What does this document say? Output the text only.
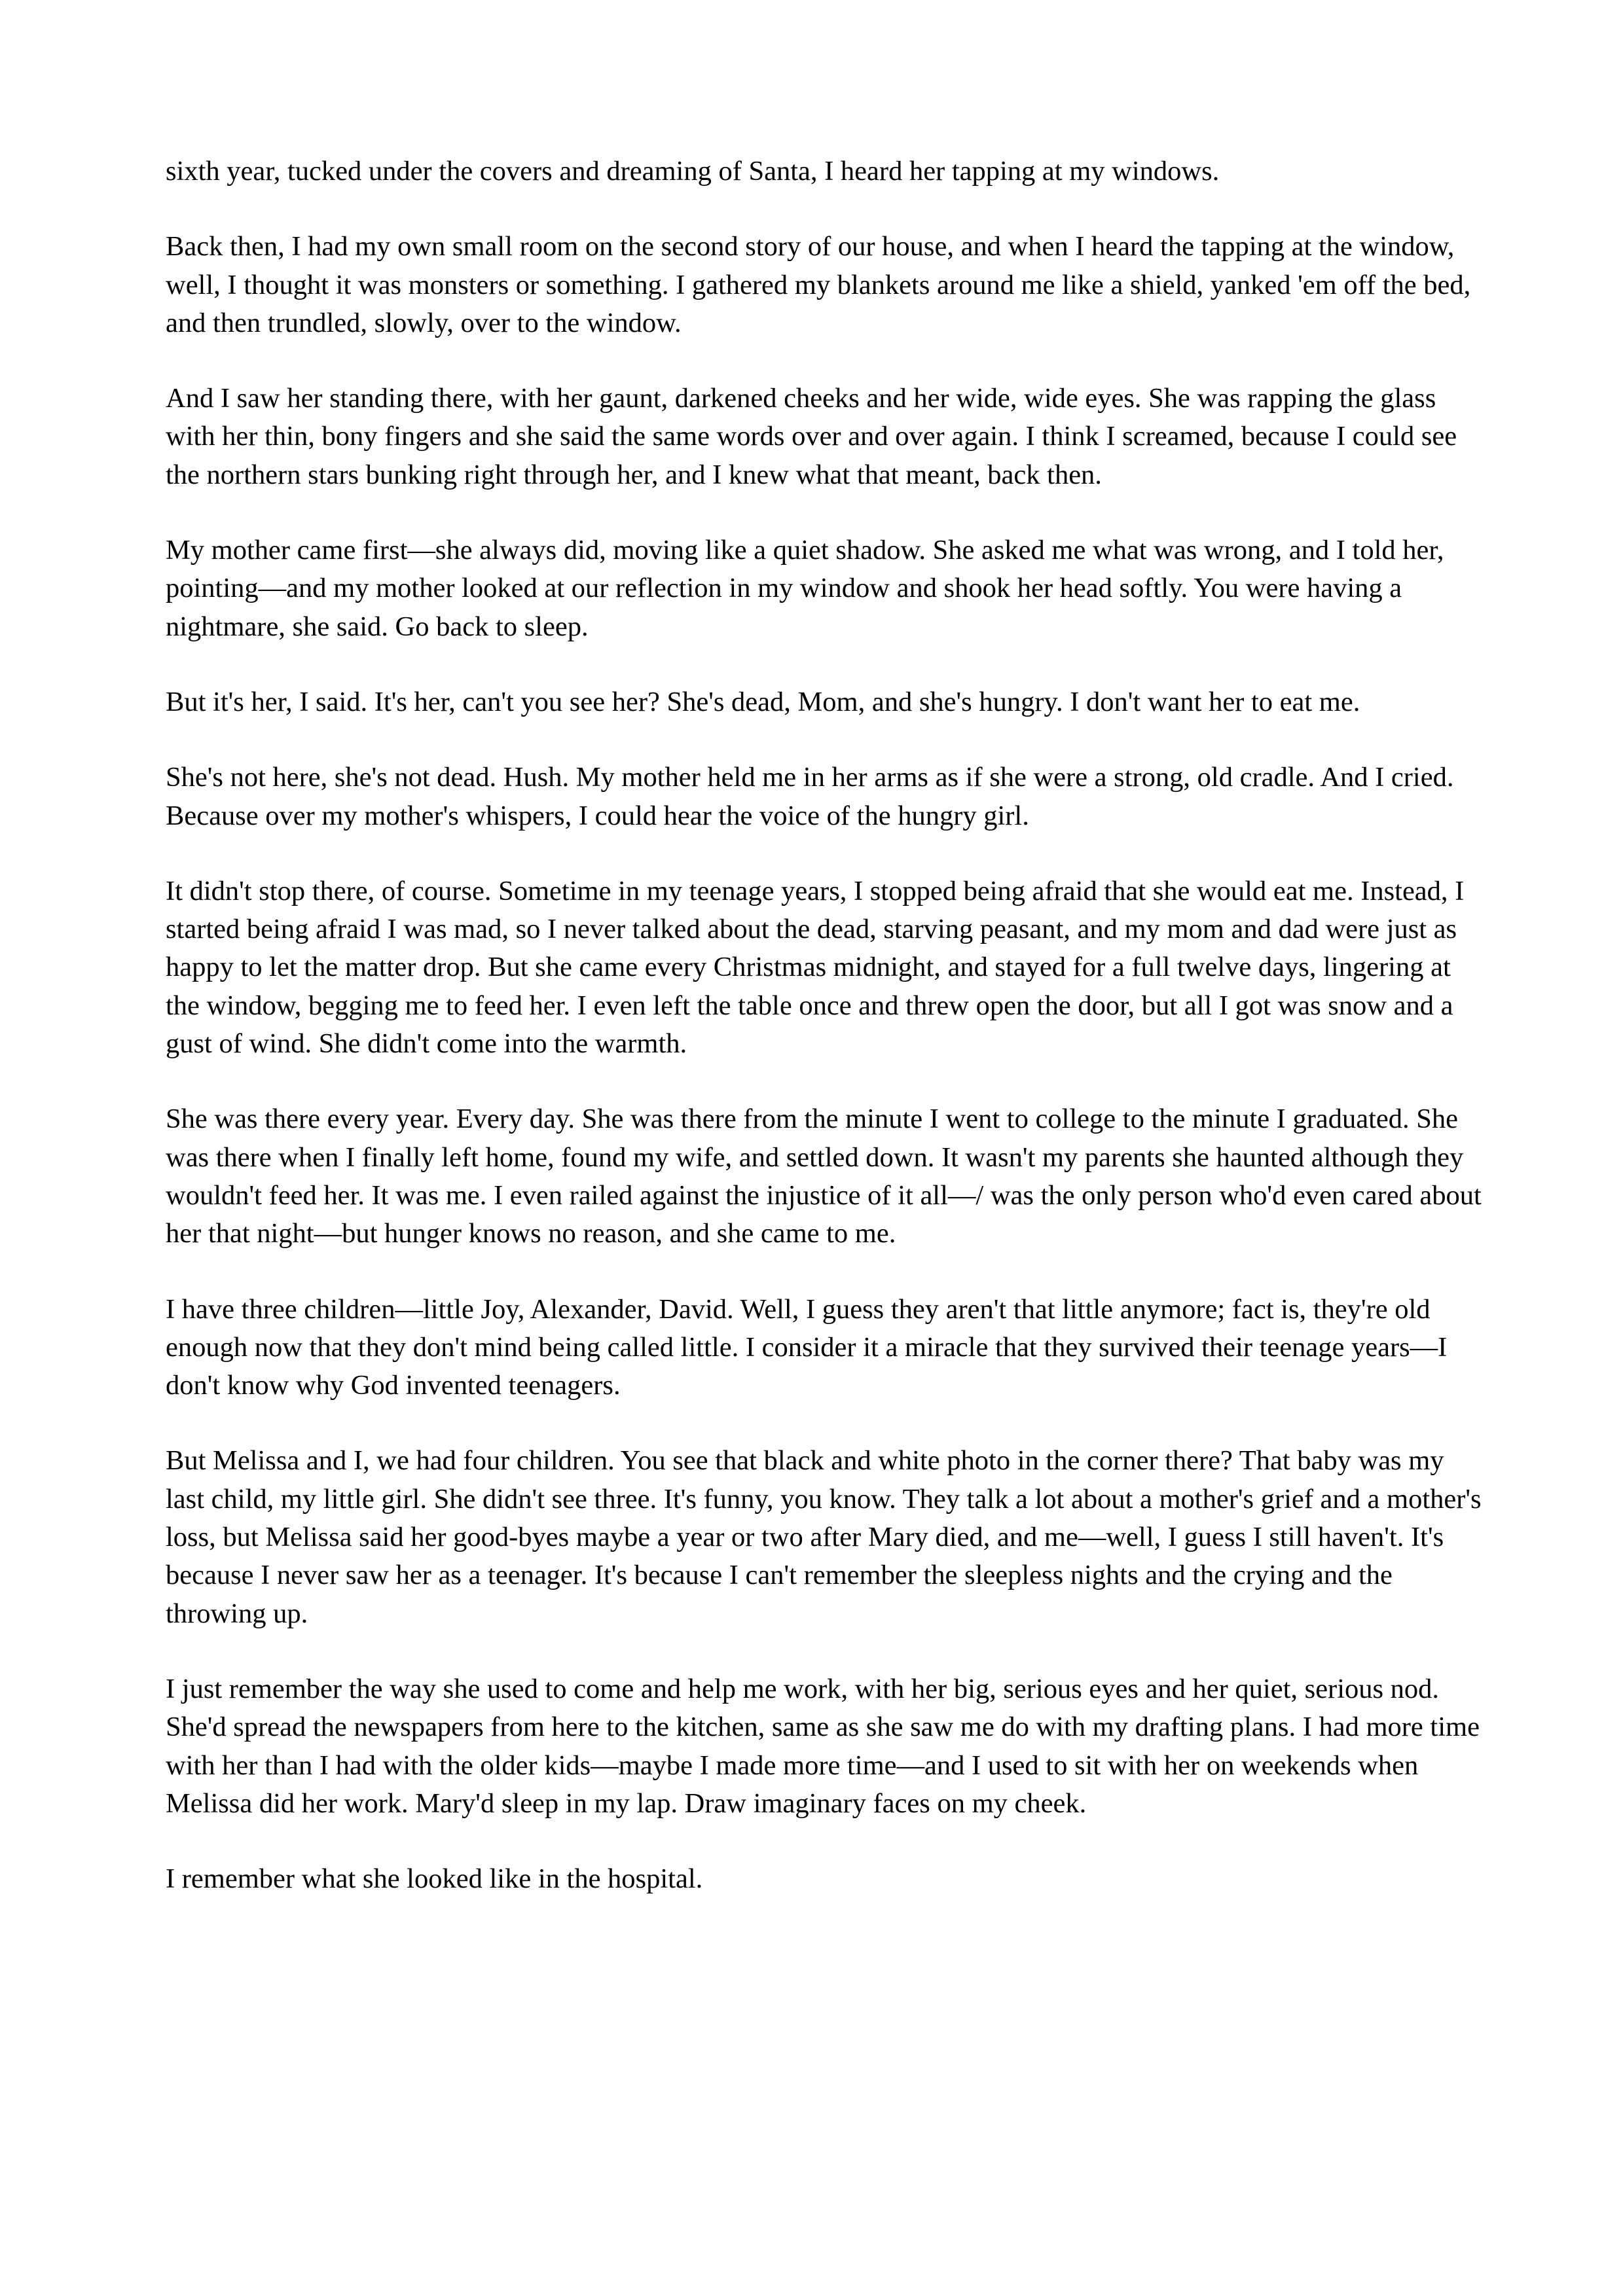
sixth year, tucked under the covers and dreaming of Santa, I heard her tapping at my windows.

Back then, I had my own small room on the second story of our house, and when I heard the tapping at the window, well, I thought it was monsters or something. I gathered my blankets around me like a shield, yanked 'em off the bed, and then trundled, slowly, over to the window.

And I saw her standing there, with her gaunt, darkened cheeks and her wide, wide eyes. She was rapping the glass with her thin, bony fingers and she said the same words over and over again. I think I screamed, because I could see the northern stars bunking right through her, and I knew what that meant, back then.

My mother came first—she always did, moving like a quiet shadow. She asked me what was wrong, and I told her, pointing—and my mother looked at our reflection in my window and shook her head softly. You were having a nightmare, she said. Go back to sleep.

But it's her, I said. It's her, can't you see her? She's dead, Mom, and she's hungry. I don't want her to eat me.

She's not here, she's not dead. Hush. My mother held me in her arms as if she were a strong, old cradle. And I cried. Because over my mother's whispers, I could hear the voice of the hungry girl.

It didn't stop there, of course. Sometime in my teenage years, I stopped being afraid that she would eat me. Instead, I started being afraid I was mad, so I never talked about the dead, starving peasant, and my mom and dad were just as happy to let the matter drop. But she came every Christmas midnight, and stayed for a full twelve days, lingering at the window, begging me to feed her. I even left the table once and threw open the door, but all I got was snow and a gust of wind. She didn't come into the warmth.

She was there every year. Every day. She was there from the minute I went to college to the minute I graduated. She was there when I finally left home, found my wife, and settled down. It wasn't my parents she haunted although they wouldn't feed her. It was me. I even railed against the injustice of it all—/ was the only person who'd even cared about her that night—but hunger knows no reason, and she came to me.

I have three children—little Joy, Alexander, David. Well, I guess they aren't that little anymore; fact is, they're old enough now that they don't mind being called little. I consider it a miracle that they survived their teenage years—I don't know why God invented teenagers.

But Melissa and I, we had four children. You see that black and white photo in the corner there? That baby was my last child, my little girl. She didn't see three. It's funny, you know. They talk a lot about a mother's grief and a mother's loss, but Melissa said her good-byes maybe a year or two after Mary died, and me—well, I guess I still haven't. It's because I never saw her as a teenager. It's because I can't remember the sleepless nights and the crying and the throwing up.

I just remember the way she used to come and help me work, with her big, serious eyes and her quiet, serious nod. She'd spread the newspapers from here to the kitchen, same as she saw me do with my drafting plans. I had more time with her than I had with the older kids—maybe I made more time—and I used to sit with her on weekends when Melissa did her work. Mary'd sleep in my lap. Draw imaginary faces on my cheek.

I remember what she looked like in the hospital.
